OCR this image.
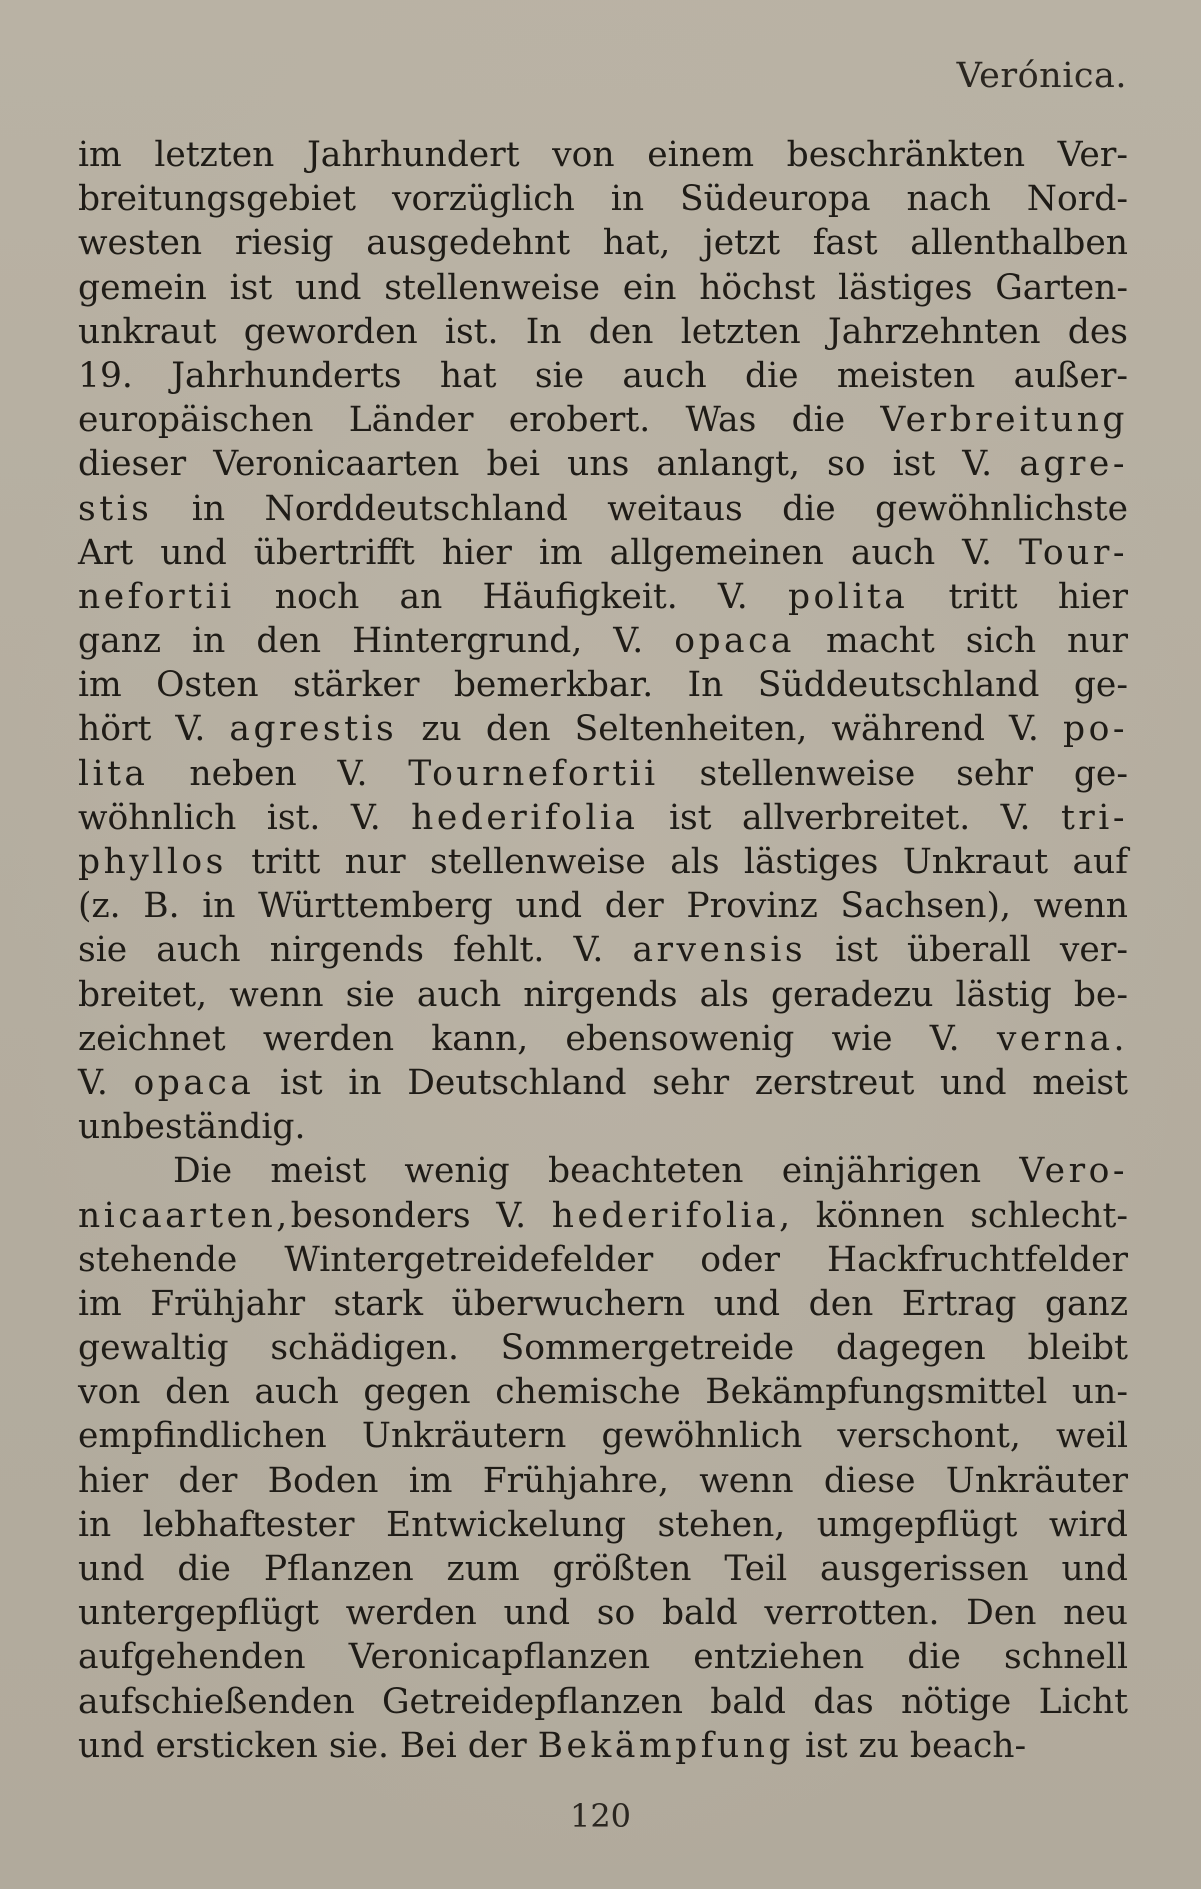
Verónica.
im letzten Jahrhundert von einem beschränkten Ver-
breitungsgebiet vorzüglich in Südeuropa nach Nord-
westen riesig ausgedehnt hat, jetzt fast allenthalben
gemein ist und stellenweise ein höchst lästiges Garten-
unkraut geworden ist. In den letzten Jahrzehnten des
19. Jahrhunderts hat sie auch die meisten außer-
europäischen Länder erobert. Was die Verbreitung
dieser Veronicaarten bei uns anlangt, so ist V. agre-
stis in Norddeutschland weitaus die gewöhnlichste
Art und übertrifft hier im allgemeinen auch V. Tour-
nefortii noch an Häufigkeit. V. polita tritt hier
ganz in den Hintergrund, V. opaca macht sich nur
im Osten stärker bemerkbar. In Süddeutschland ge-
hört V. agrestis zu den Seltenheiten, während V. po-
lita neben V. Tournefortii stellenweise sehr ge-
wöhnlich ist. V. hederifolia ist allverbreitet. V. tri-
phyllos tritt nur stellenweise als lästiges Unkraut auf
(z. B. in Württemberg und der Provinz Sachsen), wenn
sie auch nirgends fehlt. V. arvensis ist überall ver-
breitet, wenn sie auch nirgends als geradezu lästig be-
zeichnet werden kann, ebensowenig wie V. verna.
V. opaca ist in Deutschland sehr zerstreut und meist
unbeständig.
Die meist wenig beachteten einjährigen Vero-
nicaarten,besonders V. hederifolia, können schlecht-
stehende Wintergetreidefelder oder Hackfruchtfelder
im Frühjahr stark überwuchern und den Ertrag ganz
gewaltig schädigen. Sommergetreide dagegen bleibt
von den auch gegen chemische Bekämpfungsmittel un-
empfindlichen Unkräutern gewöhnlich verschont, weil
hier der Boden im Frühjahre, wenn diese Unkräuter
in lebhaftester Entwickelung stehen, umgepflügt wird
und die Pflanzen zum größten Teil ausgerissen und
untergepflügt werden und so bald verrotten. Den neu
aufgehenden Veronicapflanzen entziehen die schnell
aufschießenden Getreidepflanzen bald das nötige Licht
und ersticken sie. Bei der Bekämpfung ist zu beach-
120
